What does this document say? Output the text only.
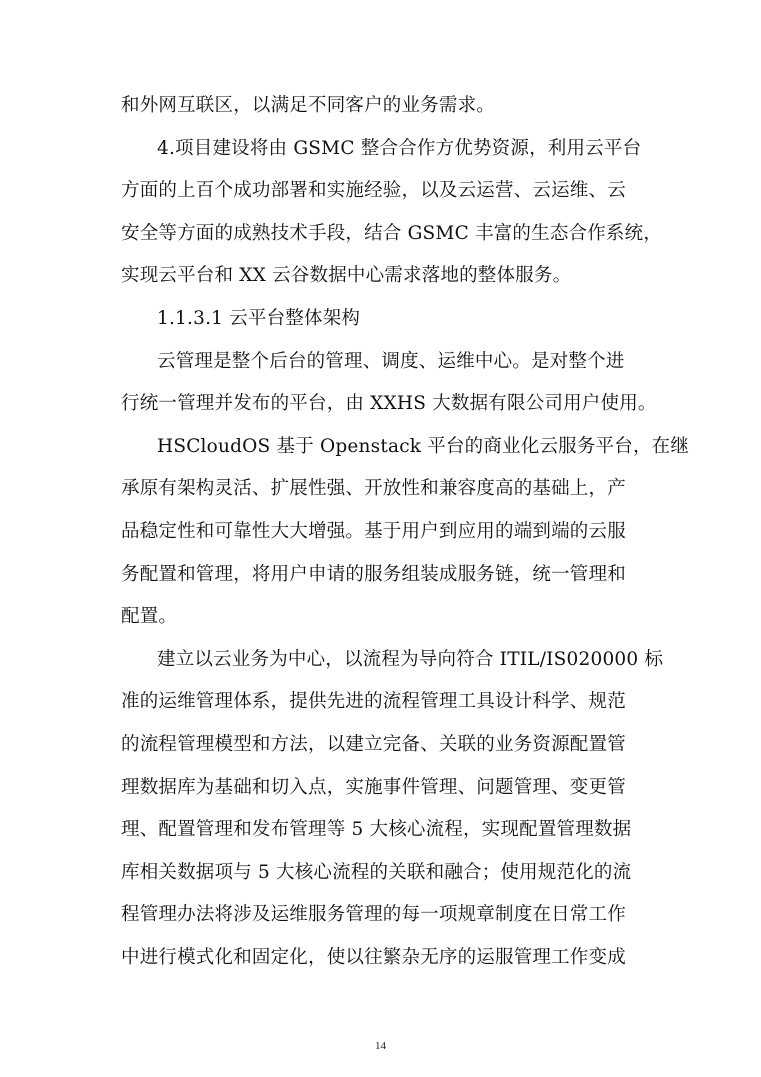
和外网互联区，以满足不同客户的业务需求。
4.项目建设将由 GSMC 整合合作方优势资源，利用云平台
方面的上百个成功部署和实施经验，以及云运营、云运维、云
安全等方面的成熟技术手段，结合 GSMC 丰富的生态合作系统，
实现云平台和 XX 云谷数据中心需求落地的整体服务。
1.1.3.1 云平台整体架构
云管理是整个后台的管理、调度、运维中心。是对整个进
行统一管理并发布的平台，由 XXHS 大数据有限公司用户使用。
HSCloudOS 基于 Openstack 平台的商业化云服务平台，在继
承原有架构灵活、扩展性强、开放性和兼容度高的基础上，产
品稳定性和可靠性大大增强。基于用户到应用的端到端的云服
务配置和管理，将用户申请的服务组装成服务链，统一管理和
配置。
建立以云业务为中心，以流程为导向符合 ITIL/IS020000 标
准的运维管理体系，提供先进的流程管理工具设计科学、规范
的流程管理模型和方法，以建立完备、关联的业务资源配置管
理数据库为基础和切入点，实施事件管理、问题管理、变更管
理、配置管理和发布管理等 5 大核心流程，实现配置管理数据
库相关数据项与 5 大核心流程的关联和融合；使用规范化的流
14
程管理办法将涉及运维服务管理的每一项规章制度在日常工作
中进行模式化和固定化，使以往繁杂无序的运服管理工作变成
